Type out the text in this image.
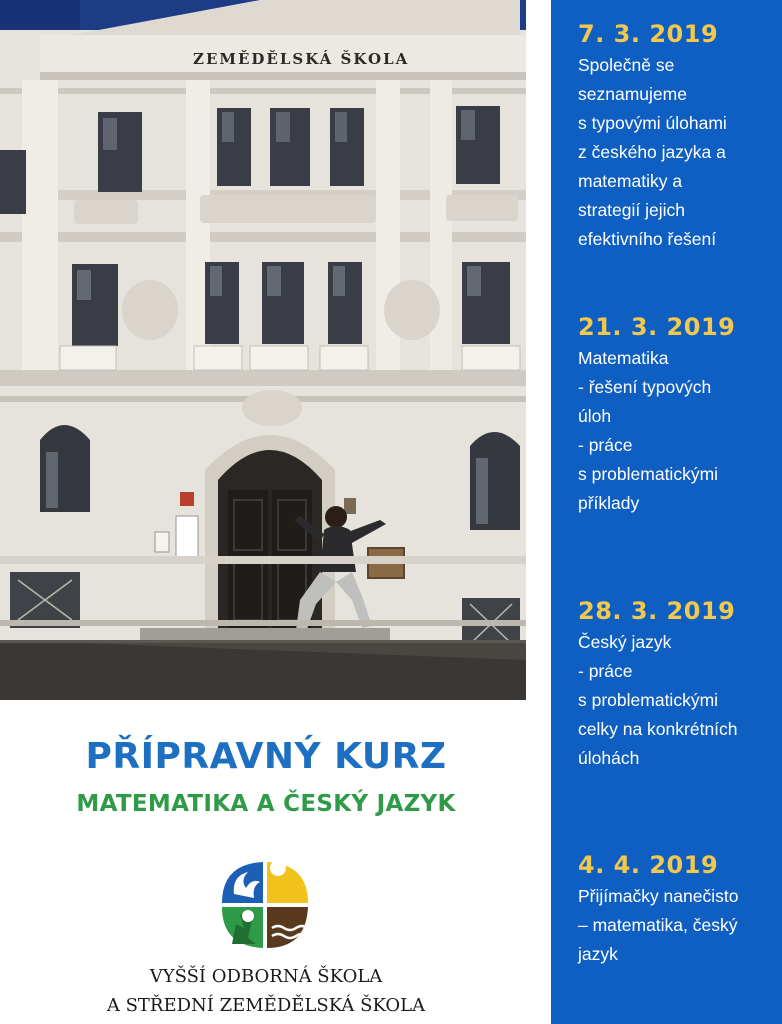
ZEMĚDĚLSKÁ ŠKOLA
PŘÍPRAVNÝ KURZ
MATEMATIKA A ČESKÝ JAZYK
VYŠŠÍ ODBORNÁ ŠKOLA
A STŘEDNÍ ZEMĚDĚLSKÁ ŠKOLA

7. 3. 2019

Společně se
seznamujeme
s typovými úlohami
z českého jazyka a
matematiky a
strategií jejich
efektivního řešení

21. 3. 2019

Matematika
- řešení typových
úloh
- práce
s problematickými
příklady

28. 3. 2019

Český jazyk
- práce
s problematickými
celky na konkrétních
úlohách

4. 4. 2019

Přijímačky nanečisto
– matematika, český
jazyk
